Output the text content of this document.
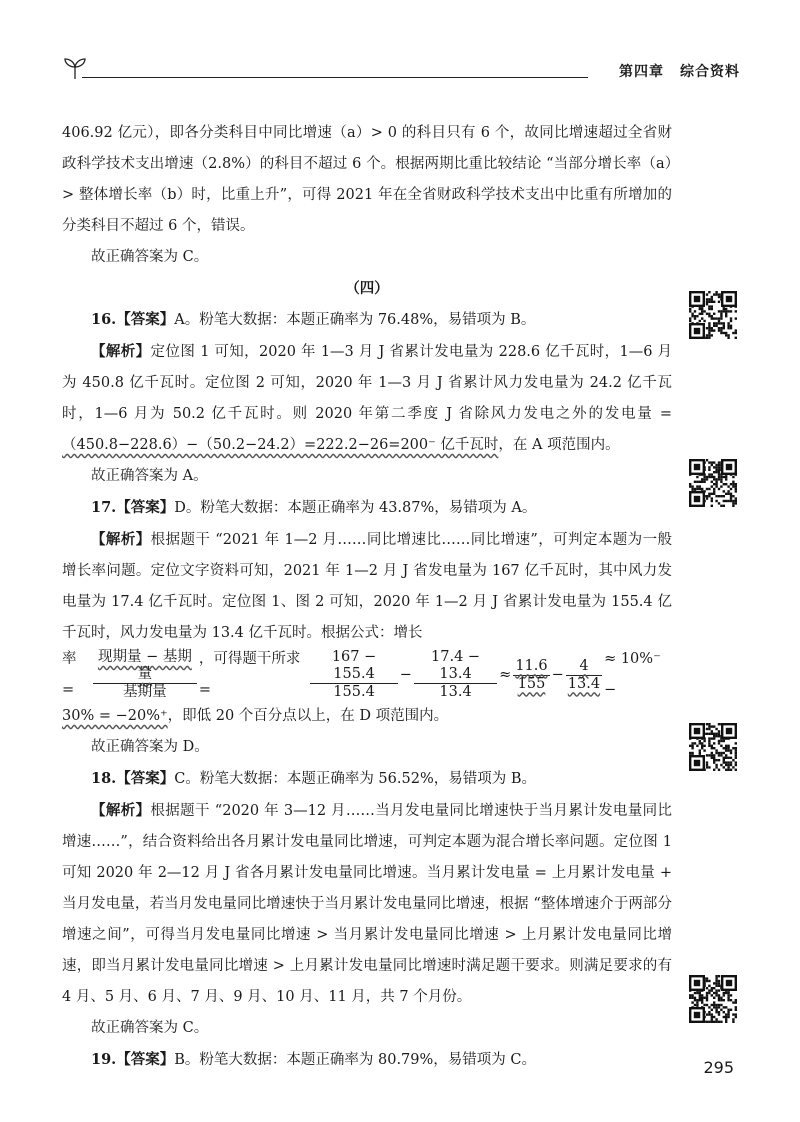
第四章 综合资料

406.92 亿元），即各分类科目中同比增速（a）> 0 的科目只有 6 个，故同比增速超过全省财政科学技术支出增速（2.8%）的科目不超过 6 个。根据两期比重比较结论 “当部分增长率（a）> 整体增长率（b）时，比重上升”，可得 2021 年在全省财政科学技术支出中比重有所增加的分类科目不超过 6 个，错误。

故正确答案为 C。

（四）

16.【答案】A。粉笔大数据：本题正确率为 76.48%，易错项为 B。

【解析】定位图 1 可知，2020 年 1—3 月 J 省累计发电量为 228.6 亿千瓦时，1—6 月为 450.8 亿千瓦时。定位图 2 可知，2020 年 1—3 月 J 省累计风力发电量为 24.2 亿千瓦时，1—6 月为 50.2 亿千瓦时。则 2020 年第二季度 J 省除风力发电之外的发电量 =（450.8−228.6）−（50.2−24.2）=222.2−26=200⁻ 亿千瓦时，在 A 项范围内。

故正确答案为 A。

17.【答案】D。粉笔大数据：本题正确率为 43.87%，易错项为 A。

【解析】根据题干 “2021 年 1—2 月……同比增速比……同比增速”，可判定本题为一般增长率问题。定位文字资料可知，2021 年 1—2 月 J 省发电量为 167 亿千瓦时，其中风力发电量为 17.4 亿千瓦时。定位图 1、图 2 可知，2020 年 1—2 月 J 省累计发电量为 155.4 亿千瓦时，风力发电量为 13.4 亿千瓦时。根据公式：增长

率 =	$\frac{\text{现期量 − 基期量}}{\text{基期量}}$ ，可得题干所求 =	$\frac{167 - 155.4}{155.4} - \frac{17.4 - 13.4}{13.4} \approx \frac{11.6}{155} - \frac{4}{13.4} \approx 10\%^-$ −

30% = −20%⁺，即低 20 个百分点以上，在 D 项范围内。

故正确答案为 D。

18.【答案】C。粉笔大数据：本题正确率为 56.52%，易错项为 B。

【解析】根据题干 “2020 年 3—12 月……当月发电量同比增速快于当月累计发电量同比增速……”，结合资料给出各月累计发电量同比增速，可判定本题为混合增长率问题。定位图 1 可知 2020 年 2—12 月 J 省各月累计发电量同比增速。当月累计发电量 = 上月累计发电量 + 当月发电量，若当月发电量同比增速快于当月累计发电量同比增速，根据 “整体增速介于两部分增速之间”，可得当月发电量同比增速 > 当月累计发电量同比增速 > 上月累计发电量同比增速，即当月累计发电量同比增速 > 上月累计发电量同比增速时满足题干要求。则满足要求的有 4 月、5 月、6 月、7 月、9 月、10 月、11 月，共 7 个月份。

故正确答案为 C。

19.【答案】B。粉笔大数据：本题正确率为 80.79%，易错项为 C。	295
